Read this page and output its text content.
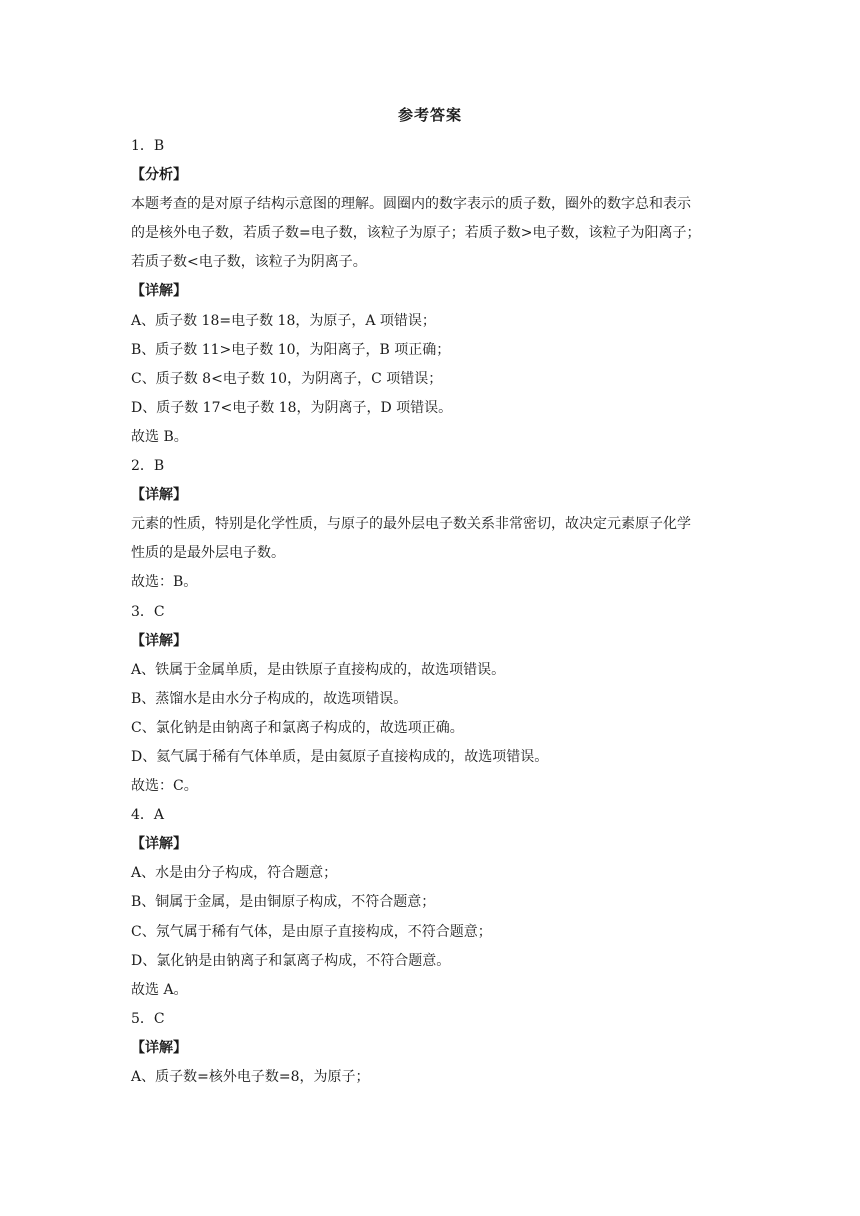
参考答案
1．B
【分析】
本题考查的是对原子结构示意图的理解。圆圈内的数字表示的质子数，圈外的数字总和表示
的是核外电子数，若质子数=电子数，该粒子为原子；若质子数>电子数，该粒子为阳离子；
若质子数<电子数，该粒子为阴离子。
【详解】
A、质子数 18=电子数 18，为原子，A 项错误；
B、质子数 11>电子数 10，为阳离子，B 项正确；
C、质子数 8<电子数 10，为阴离子，C 项错误；
D、质子数 17<电子数 18，为阴离子，D 项错误。
故选 B。
2．B
【详解】
元素的性质，特别是化学性质，与原子的最外层电子数关系非常密切，故决定元素原子化学
性质的是最外层电子数。
故选：B。
3．C
【详解】
A、铁属于金属单质，是由铁原子直接构成的，故选项错误。
B、蒸馏水是由水分子构成的，故选项错误。
C、氯化钠是由钠离子和氯离子构成的，故选项正确。
D、氦气属于稀有气体单质，是由氦原子直接构成的，故选项错误。
故选：C。
4．A
【详解】
A、水是由分子构成，符合题意；
B、铜属于金属，是由铜原子构成，不符合题意；
C、氖气属于稀有气体，是由原子直接构成，不符合题意；
D、氯化钠是由钠离子和氯离子构成，不符合题意。
故选 A。
5．C
【详解】
A、质子数=核外电子数=8，为原子；
